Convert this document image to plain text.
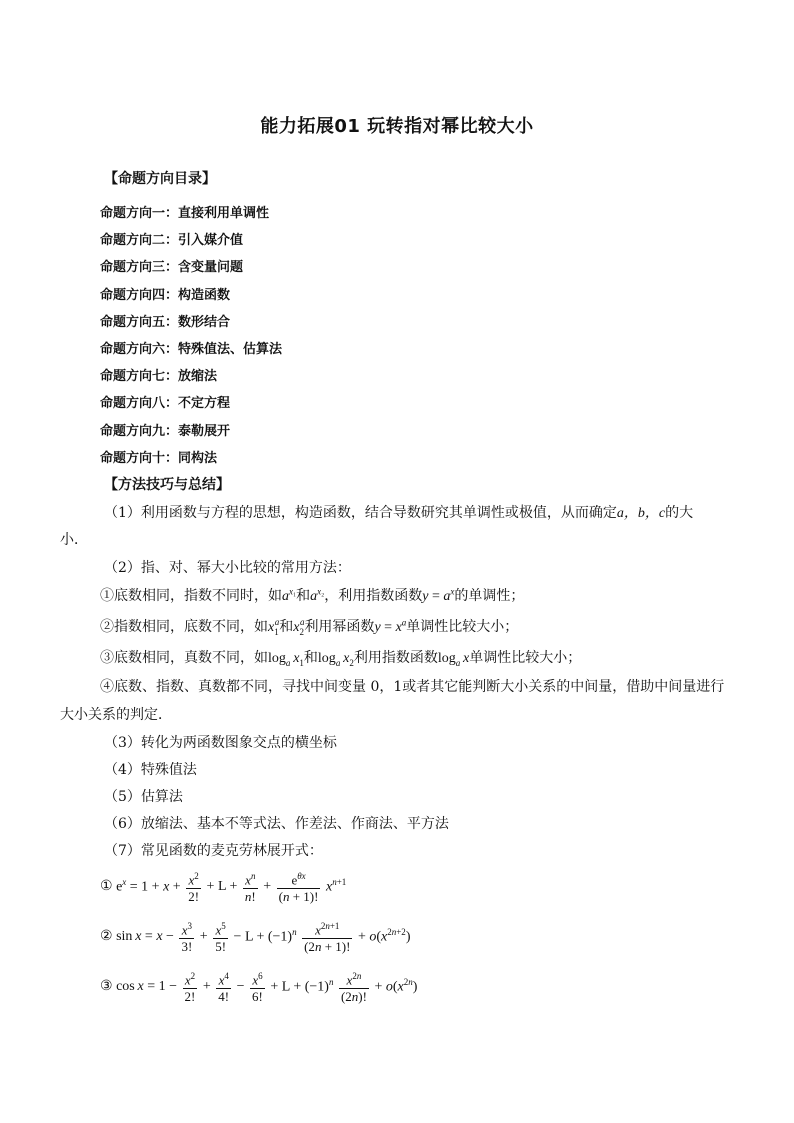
能力拓展01 玩转指对幂比较大小
【命题方向目录】
命题方向一：直接利用单调性
命题方向二：引入媒介值
命题方向三：含变量问题
命题方向四：构造函数
命题方向五：数形结合
命题方向六：特殊值法、估算法
命题方向七：放缩法
命题方向八：不定方程
命题方向九：泰勒展开
命题方向十：同构法
【方法技巧与总结】
（1）利用函数与方程的思想，构造函数，结合导数研究其单调性或极值，从而确定a，b，c的大
小．
（2）指、对、幂大小比较的常用方法：
①底数相同，指数不同时，如$a^{x_1}$和$a^{x_2}$，利用指数函数$y = a^x$的单调性；
②指数相同，底数不同，如$x_1^a$和$x_2^a$利用幂函数$y = x^a$单调性比较大小；
③底数相同，真数不同，如$\log_a x_1$和$\log_a x_2$利用指数函数$\log_a x$单调性比较大小；
④底数、指数、真数都不同，寻找中间变量 0，1或者其它能判断大小关系的中间量，借助中间量进行
大小关系的判定．
（3）转化为两函数图象交点的横坐标
（4）特殊值法
（5）估算法
（6）放缩法、基本不等式法、作差法、作商法、平方法
（7）常见函数的麦克劳林展开式：
① $e^x = 1 + x + \frac{x^2}{2!} + L + \frac{x^n}{n!} + \frac{e^{\theta x}}{(n + 1)!} x^{n+1}$
② $\sin x = x - \frac{x^3}{3!} + \frac{x^5}{5!} - L + (-1)^n \frac{x^{2n+1}}{(2n + 1)!} + o(x^{2n+2})$
③ $\cos x = 1 - \frac{x^2}{2!} + \frac{x^4}{4!} - \frac{x^6}{6!} + L + (-1)^n \frac{x^{2n}}{(2n)!} + o(x^{2n})$
